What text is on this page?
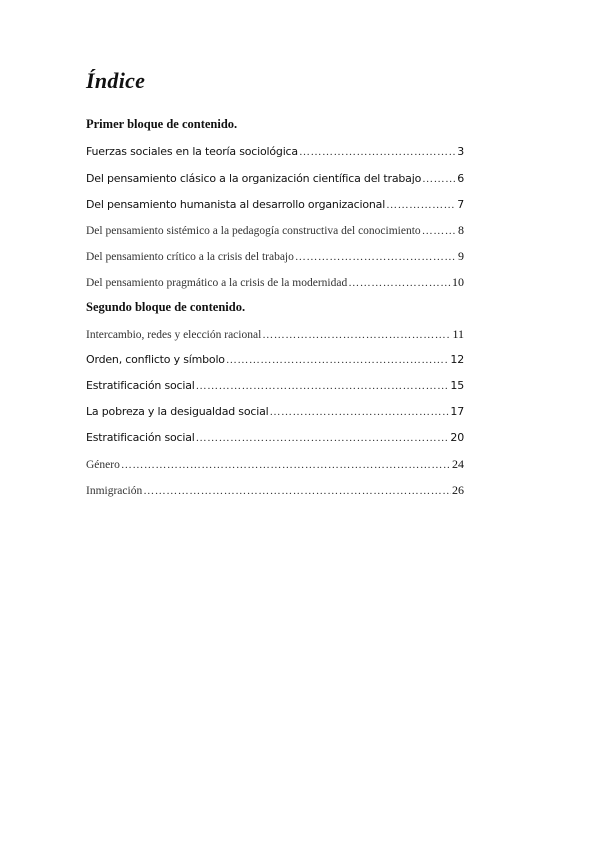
Índice
Primer bloque de contenido.
Fuerzas sociales en la teoría sociológica ……………………………………………………………………………………………………………………………………	3
Del pensamiento clásico a la organización científica del trabajo ……………………………………………………………………………………………………………………………………	6
Del pensamiento humanista al desarrollo organizacional ……………………………………………………………………………………………………………………………………	7
Del pensamiento sistémico a la pedagogía constructiva del conocimiento ……………………………………………………………………………………………………………………………………	8
Del pensamiento crítico a la crisis del trabajo ……………………………………………………………………………………………………………………………………	9
Del pensamiento pragmático a la crisis de la modernidad ……………………………………………………………………………………………………………………………………	10
Segundo bloque de contenido.
Intercambio, redes y elección racional ……………………………………………………………………………………………………………………………………	11
Orden, conflicto y símbolo ……………………………………………………………………………………………………………………………………	12
Estratificación social ……………………………………………………………………………………………………………………………………	15
La pobreza y la desigualdad social ……………………………………………………………………………………………………………………………………	17
Estratificación social ……………………………………………………………………………………………………………………………………	20
Género ……………………………………………………………………………………………………………………………………	24
Inmigración ……………………………………………………………………………………………………………………………………	26
